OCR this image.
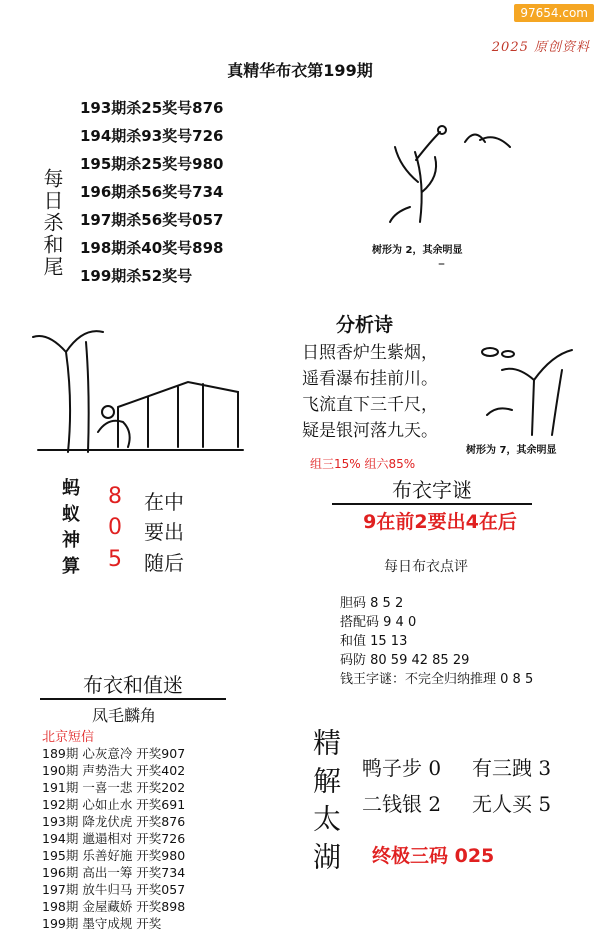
97654.com
2025 原创资料
真精华布衣第199期
每日杀和尾
193期杀25奖号876
194期杀93奖号726
195期杀25奖号980
196期杀56奖号734
197期杀56奖号057
198期杀40奖号898
199期杀52奖号
树形为 2，其余明显
–
分析诗
日照香炉生紫烟，
遥看瀑布挂前川。
飞流直下三千尺，
疑是银河落九天。
树形为 7，其余明显
组三15% 组六85%
蚂
蚁
神
算
8
0
5
在中
要出
随后
布衣字谜
9在前2要出4在后
每日布衣点评
胆码 8 5 2
搭配码 9 4 0
和值 15 13
码防 80 59 42 85 29
钱王字谜：不完全归纳推理 0 8 5
布衣和值迷
凤毛麟角
北京短信
189期 心灰意冷 开奖907
190期 声势浩大 开奖402
191期 一喜一悲 开奖202
192期 心如止水 开奖691
193期 降龙伏虎 开奖876
194期 邋遢相对 开奖726
195期 乐善好施 开奖980
196期 高出一筹 开奖734
197期 放牛归马 开奖057
198期 金屋藏娇 开奖898
199期 墨守成规 开奖
精解太湖 鸭子步 0 有三跩 3
二钱银 2 无人买 5
终极三码 025
